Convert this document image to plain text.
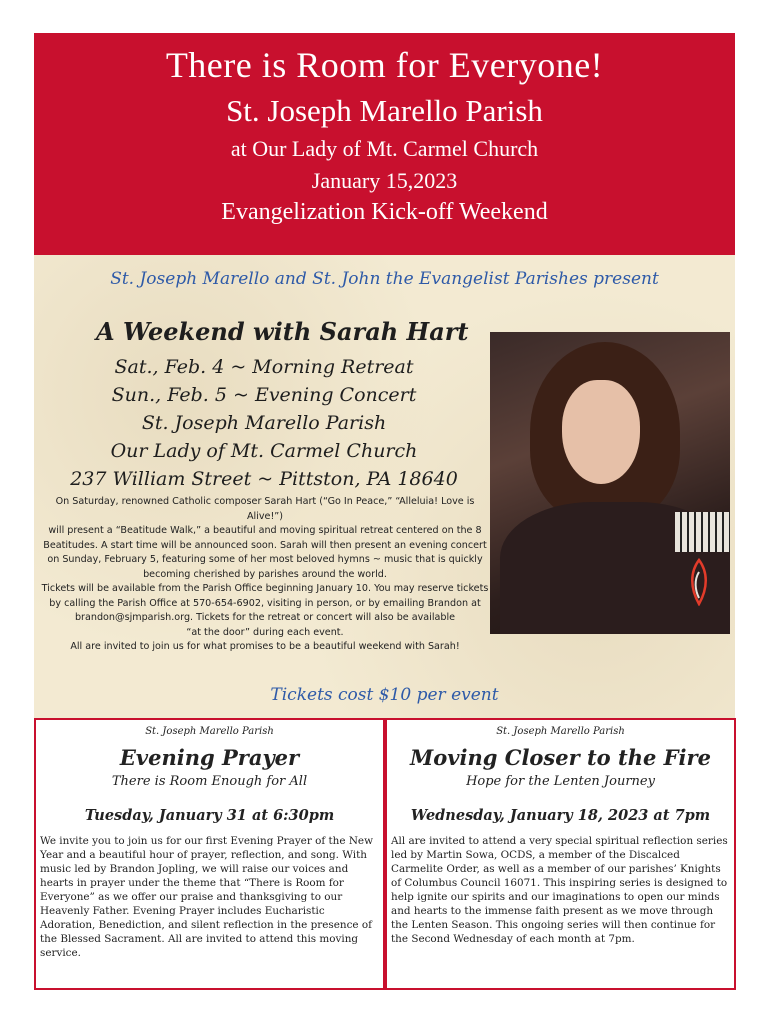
There is Room for Everyone!
St. Joseph Marello Parish
at Our Lady of Mt. Carmel Church
January 15,2023
Evangelization Kick-off Weekend
St. Joseph Marello and St. John the Evangelist Parishes present
A Weekend with Sarah Hart
Sat., Feb. 4 ~ Morning Retreat
Sun., Feb. 5 ~ Evening Concert
St. Joseph Marello Parish
Our Lady of Mt. Carmel Church
237 William Street ~ Pittston, PA 18640
On Saturday, renowned Catholic composer Sarah Hart (“Go In Peace,” “Alleluia! Love is Alive!”)
will present a “Beatitude Walk,” a beautiful and moving spiritual retreat centered on the 8
Beatitudes. A start time will be announced soon. Sarah will then present an evening concert
on Sunday, February 5, featuring some of her most beloved hymns ~ music that is quickly
becoming cherished by parishes around the world.
Tickets will be available from the Parish Office beginning January 10. You may reserve tickets
by calling the Parish Office at 570-654-6902, visiting in person, or by emailing Brandon at
brandon@sjmparish.org. Tickets for the retreat or concert will also be available
“at the door” during each event.
All are invited to join us for what promises to be a beautiful weekend with Sarah!
Tickets cost $10 per event
St. Joseph Marello Parish
Evening Prayer
There is Room Enough for All
Tuesday, January 31 at 6:30pm
We invite you to join us for our first Evening Prayer of the New Year and a beautiful hour of prayer, reflection, and song. With music led by Brandon Jopling, we will raise our voices and hearts in prayer under the theme that “There is Room for Everyone” as we offer our praise and thanksgiving to our Heavenly Father. Evening Prayer includes Eucharistic Adoration, Benediction, and silent reflection in the presence of the Blessed Sacrament. All are invited to attend this moving service.
St. Joseph Marello Parish
Moving Closer to the Fire
Hope for the Lenten Journey
Wednesday, January 18, 2023 at 7pm
All are invited to attend a very special spiritual reflection series led by Martin Sowa, OCDS, a member of the Discalced Carmelite Order, as well as a member of our parishes’ Knights of Columbus Council 16071. This inspiring series is designed to help ignite our spirits and our imaginations to open our minds and hearts to the immense faith present as we move through the Lenten Season. This ongoing series will then continue for the Second Wednesday of each month at 7pm.
